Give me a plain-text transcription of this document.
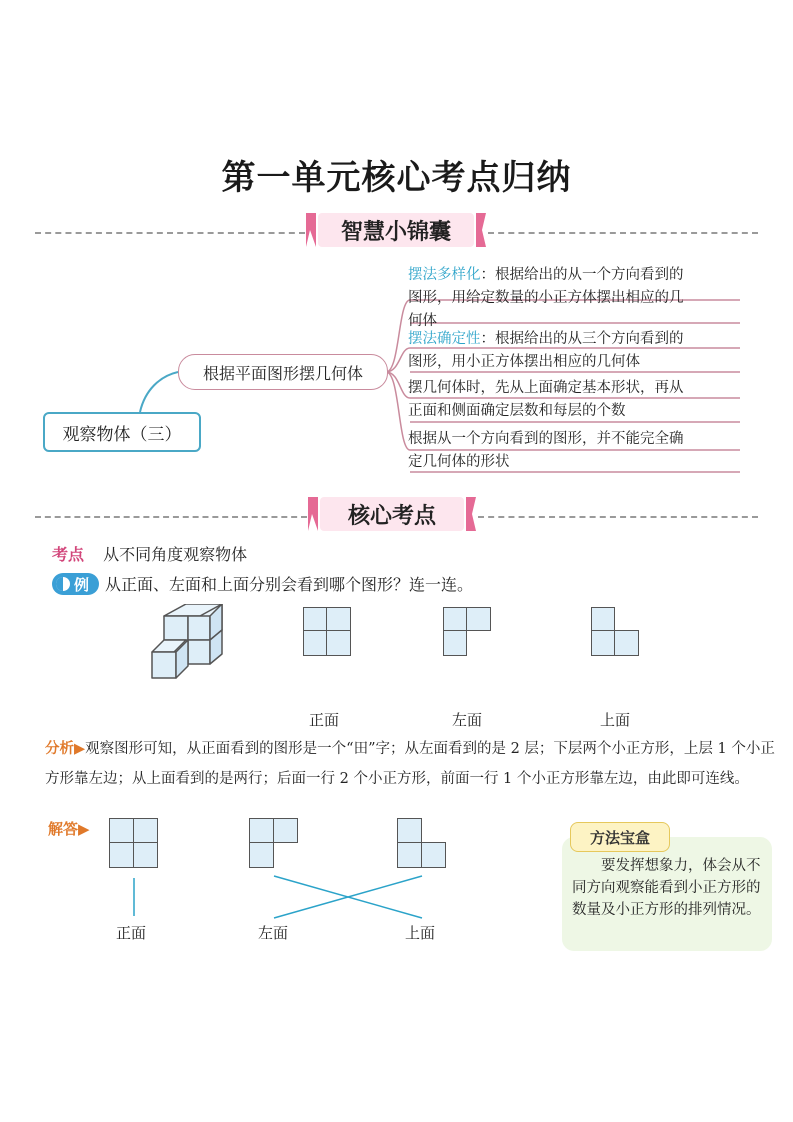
第一单元核心考点归纳
智慧小锦囊
观察物体（三）
根据平面图形摆几何体
摆法多样化：根据给出的从一个方向看到的
图形，用给定数量的小正方体摆出相应的几
何体
摆法确定性：根据给出的从三个方向看到的
图形，用小正方体摆出相应的几何体
摆几何体时，先从上面确定基本形状，再从
正面和侧面确定层数和每层的个数
根据从一个方向看到的图形，并不能完全确
定几何体的形状
核心考点
考点 从不同角度观察物体
例 从正面、左面和上面分别会看到哪个图形？连一连。
正面	左面	上面
分析▶观察图形可知，从正面看到的图形是一个“田”字；从左面看到的是 2 层；下层两个小正方形，上层 1 个小正方形靠左边；从上面看到的是两行；后面一行 2 个小正方形，前面一行 1 个小正方形靠左边，由此即可连线。
解答▶
正面	左面	上面
方法宝盒
　　要发挥想象力，体会从不同方向观察能看到小正方形的数量及小正方形的排列情况。
